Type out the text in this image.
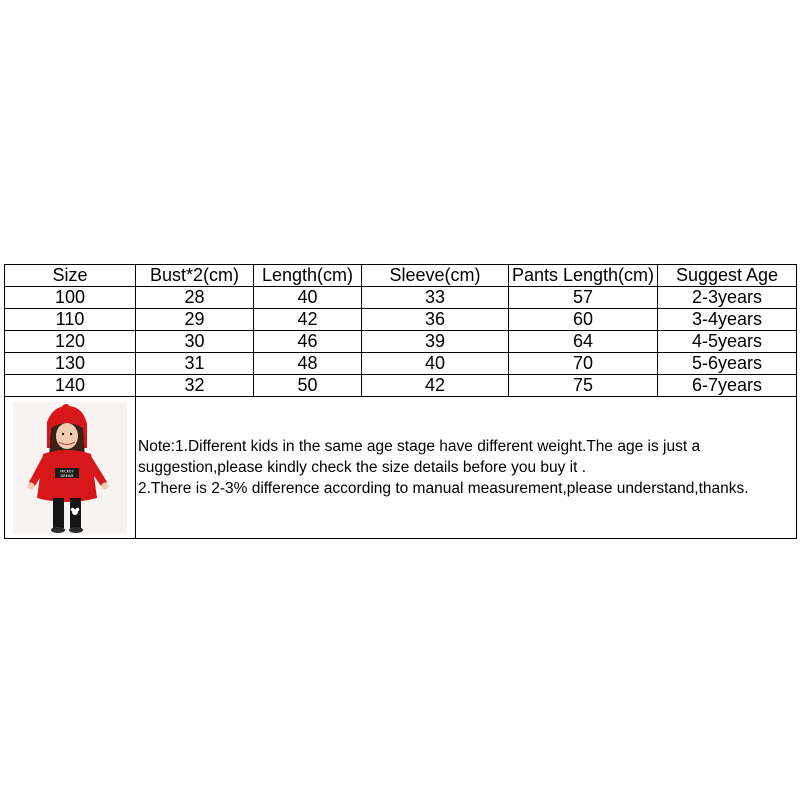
Size	Bust*2(cm)	Length(cm)	Sleeve(cm)	Pants Length(cm)	Suggest Age
100	28	40	33	57	2-3years
110	29	42	36	60	3-4years
120	30	46	39	64	4-5years
130	31	48	40	70	5-6years
140	32	50	42	75	6-7years

MICKEY
DREAM	Note:1.Different kids in the same age stage have different weight.The age is just a
suggestion,please kindly check the size details before you buy it .
2.There is 2-3% difference according to manual measurement,please understand,thanks.				
